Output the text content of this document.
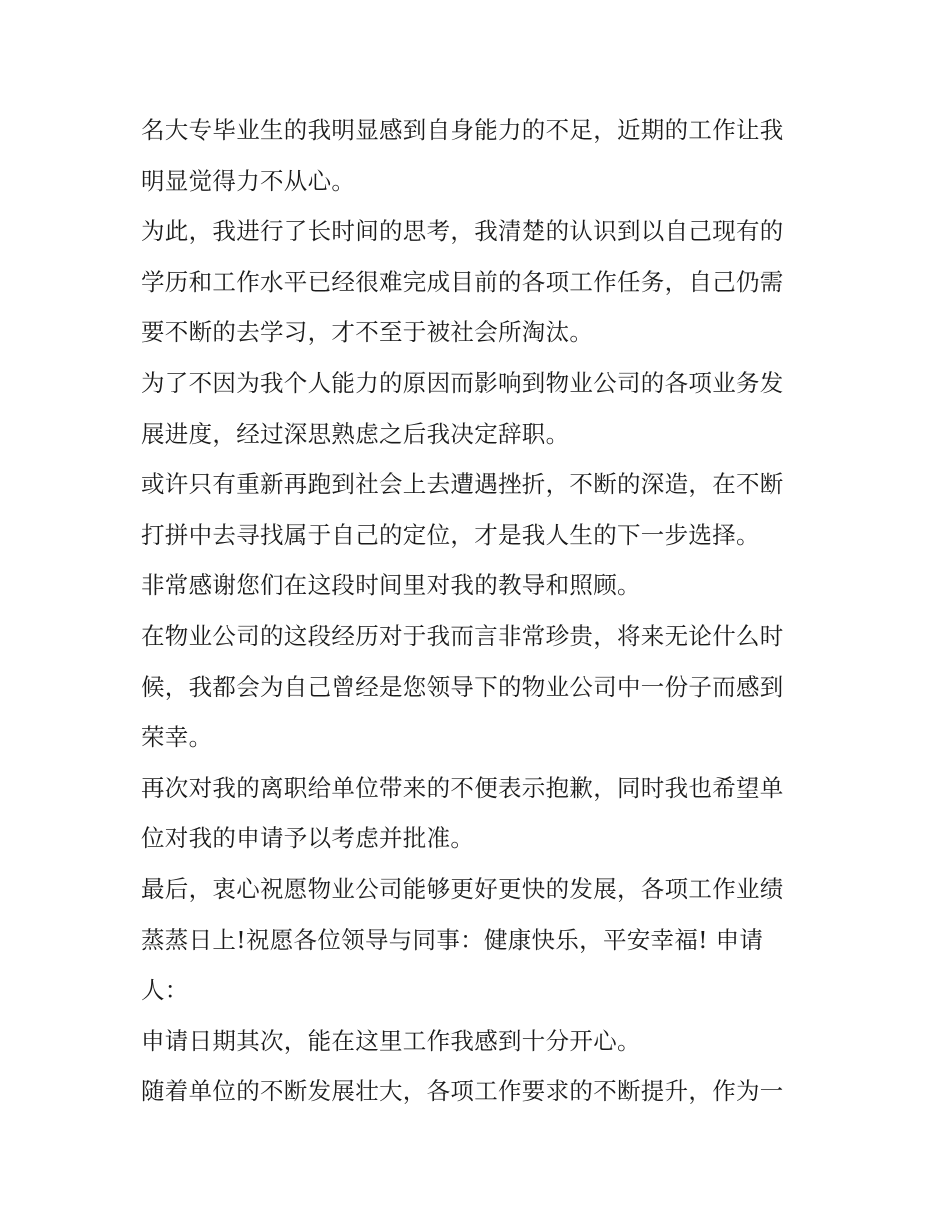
名大专毕业生的我明显感到自身能力的不足，近期的工作让我
明显觉得力不从心。
为此，我进行了长时间的思考，我清楚的认识到以自己现有的
学历和工作水平已经很难完成目前的各项工作任务，自己仍需
要不断的去学习，才不至于被社会所淘汰。
为了不因为我个人能力的原因而影响到物业公司的各项业务发
展进度，经过深思熟虑之后我决定辞职。
或许只有重新再跑到社会上去遭遇挫折，不断的深造，在不断
打拼中去寻找属于自己的定位，才是我人生的下一步选择。
非常感谢您们在这段时间里对我的教导和照顾。
在物业公司的这段经历对于我而言非常珍贵，将来无论什么时
候，我都会为自己曾经是您领导下的物业公司中一份子而感到
荣幸。
再次对我的离职给单位带来的不便表示抱歉，同时我也希望单
位对我的申请予以考虑并批准。
最后，衷心祝愿物业公司能够更好更快的发展，各项工作业绩
蒸蒸日上!祝愿各位领导与同事：健康快乐，平安幸福! 申请
人：
申请日期其次，能在这里工作我感到十分开心。
随着单位的不断发展壮大，各项工作要求的不断提升，作为一
